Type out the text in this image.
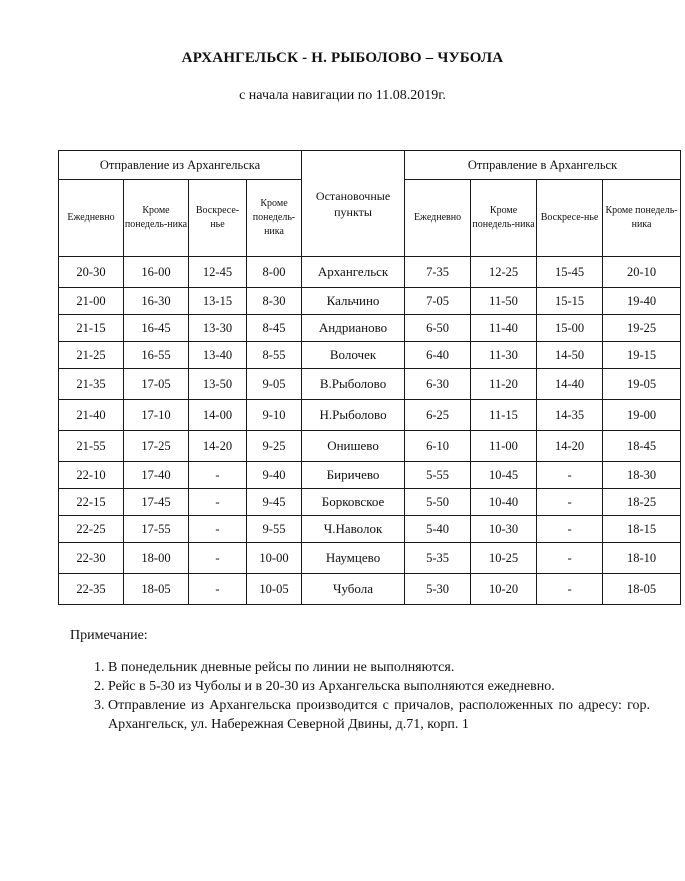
АРХАНГЕЛЬСК - Н. РЫБОЛОВО – ЧУБОЛА
с начала навигации по 11.08.2019г.
Отправление из Архангельска				Остановочные пункты	Отправление в Архангельск			
Ежедневно	Кроме понедель-ника	Воскресе-нье	Кроме понедель-ника		Ежедневно	Кроме понедель-ника	Воскресе-нье	Кроме понедель-ника
20-30	16-00	12-45	8-00	Архангельск	7-35	12-25	15-45	20-10
21-00	16-30	13-15	8-30	Кальчино	7-05	11-50	15-15	19-40
21-15	16-45	13-30	8-45	Андрианово	6-50	11-40	15-00	19-25
21-25	16-55	13-40	8-55	Волочек	6-40	11-30	14-50	19-15
21-35	17-05	13-50	9-05	В.Рыболово	6-30	11-20	14-40	19-05
21-40	17-10	14-00	9-10	Н.Рыболово	6-25	11-15	14-35	19-00
21-55	17-25	14-20	9-25	Онишево	6-10	11-00	14-20	18-45
22-10	17-40	-	9-40	Биричево	5-55	10-45	-	18-30
22-15	17-45	-	9-45	Борковское	5-50	10-40	-	18-25
22-25	17-55	-	9-55	Ч.Наволок	5-40	10-30	-	18-15
22-30	18-00	-	10-00	Наумцево	5-35	10-25	-	18-10
22-35	18-05	-	10-05	Чубола	5-30	10-20	-	18-05
Примечание:
1. В понедельник дневные рейсы по линии не выполняются.
2. Рейс в 5-30 из Чуболы и в 20-30 из Архангельска выполняются ежедневно.
3. Отправление из Архангельска производится с причалов, расположенных по адресу: гор. Архангельск, ул. Набережная Северной Двины, д.71, корп. 1
